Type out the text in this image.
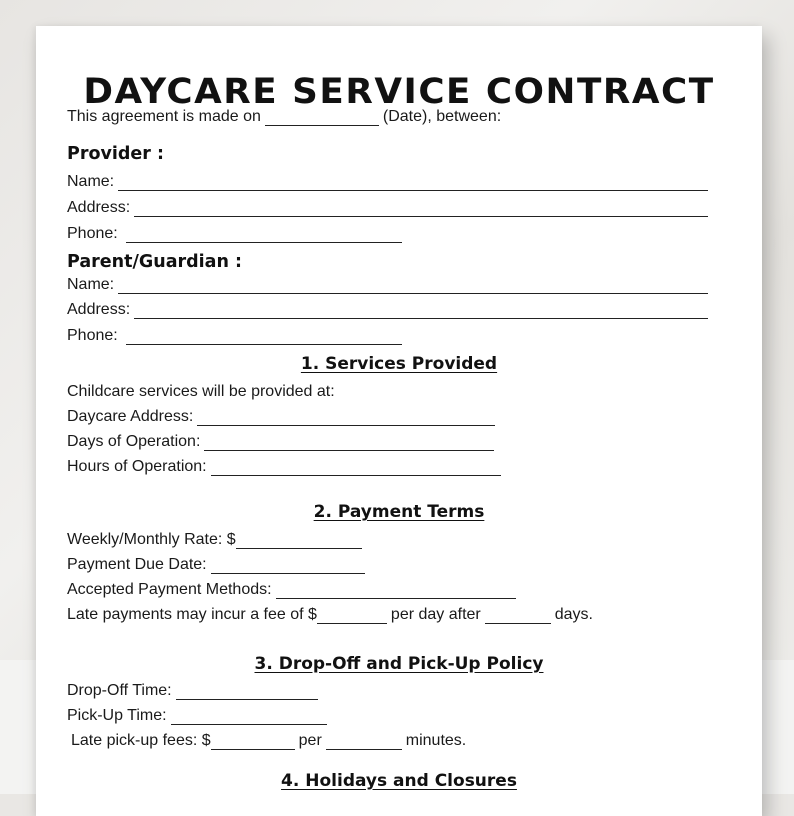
DAYCARE SERVICE CONTRACT
This agreement is made on	(Date), between:
Provider :
Name:
Address:
Phone:
Parent/Guardian :
Name:
Address:
Phone:
1. Services Provided
Childcare services will be provided at:
Daycare Address:
Days of Operation:
Hours of Operation:
2. Payment Terms
Weekly/Monthly Rate: $
Payment Due Date:
Accepted Payment Methods:
Late payments may incur a fee of $	per day after	days.
3. Drop-Off and Pick-Up Policy
Drop-Off Time:
Pick-Up Time:
Late pick-up fees: $	per	minutes.
4. Holidays and Closures
